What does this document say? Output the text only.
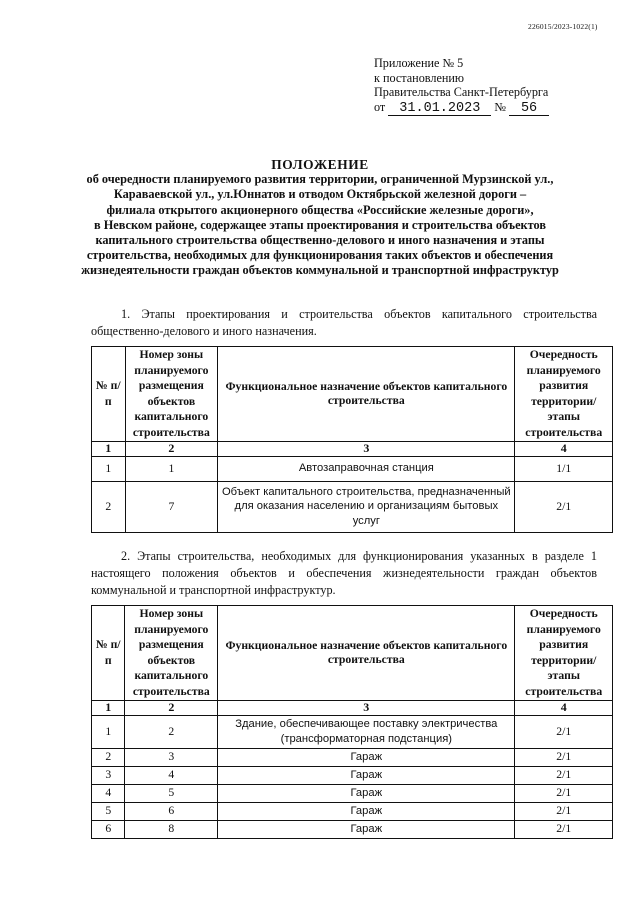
226015/2023-1022(1)
Приложение № 5
к постановлению
Правительства Санкт-Петербурга
от 31.01.2023 № 56
ПОЛОЖЕНИЕ
об очередности планируемого развития территории, ограниченной Мурзинской ул.,
Караваевской ул., ул.Юннатов и отводом Октябрьской железной дороги –
филиала открытого акционерного общества «Российские железные дороги»,
в Невском районе, содержащее этапы проектирования и строительства объектов
капитального строительства общественно-делового и иного назначения и этапы
строительства, необходимых для функционирования таких объектов и обеспечения
жизнедеятельности граждан объектов коммунальной и транспортной инфраструктур
1. Этапы проектирования и строительства объектов капитального строительства общественно-делового и иного назначения.
№ п/п	Номер зоны планируемого размещения объектов капитального строительства	Функциональное назначение объектов капитального строительства	Очередность планируемого развития территории/ этапы строительства
1	2	3	4
1	1	Автозаправочная станция	1/1
2	7	Объект капитального строительства, предназначенный для оказания населению и организациям бытовых услуг	2/1
2. Этапы строительства, необходимых для функционирования указанных в разделе 1 настоящего положения объектов и обеспечения жизнедеятельности граждан объектов коммунальной и транспортной инфраструктур.
№ п/п	Номер зоны планируемого размещения объектов капитального строительства	Функциональное назначение объектов капитального строительства	Очередность планируемого развития территории/ этапы строительства
1	2	3	4
1	2	Здание, обеспечивающее поставку электричества (трансформаторная подстанция)	2/1
2	3	Гараж	2/1
3	4	Гараж	2/1
4	5	Гараж	2/1
5	6	Гараж	2/1
6	8	Гараж	2/1
